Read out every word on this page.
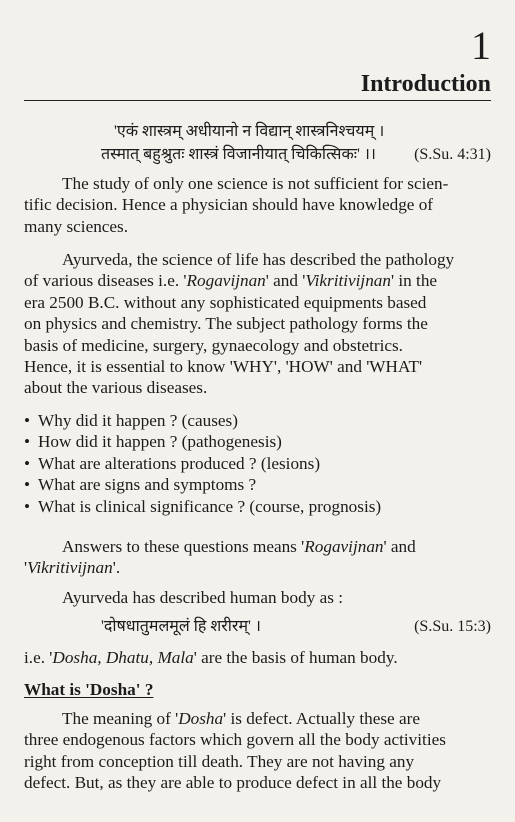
1
Introduction
'एकं शास्त्रम् अधीयानो न विद्यान् शास्त्रनिश्चयम् ।
तस्मात् बहुश्रुतः शास्त्रं विजानीयात् चिकित्सिकः' ।। (S.Su. 4:31)

The study of only one science is not sufficient for scien-
tific decision. Hence a physician should have knowledge of
many sciences.

Ayurveda, the science of life has described the pathology
of various diseases i.e. 'Rogavijnan' and 'Vikritivijnan' in the
era 2500 B.C. without any sophisticated equipments based
on physics and chemistry. The subject pathology forms the
basis of medicine, surgery, gynaecology and obstetrics.
Hence, it is essential to know 'WHY', 'HOW' and 'WHAT'
about the various diseases.

• Why did it happen ? (causes)
• How did it happen ? (pathogenesis)
• What are alterations produced ? (lesions)
• What are signs and symptoms ?
• What is clinical significance ? (course, prognosis)

Answers to these questions means 'Rogavijnan' and
'Vikritivijnan'.

Ayurveda has described human body as :

'दोषधातुमलमूलं हि शरीरम्' ।	(S.Su. 15:3)

i.e. 'Dosha, Dhatu, Mala' are the basis of human body.

What is 'Dosha' ?

The meaning of 'Dosha' is defect. Actually these are
three endogenous factors which govern all the body activities
right from conception till death. They are not having any
defect. But, as they are able to produce defect in all the body
